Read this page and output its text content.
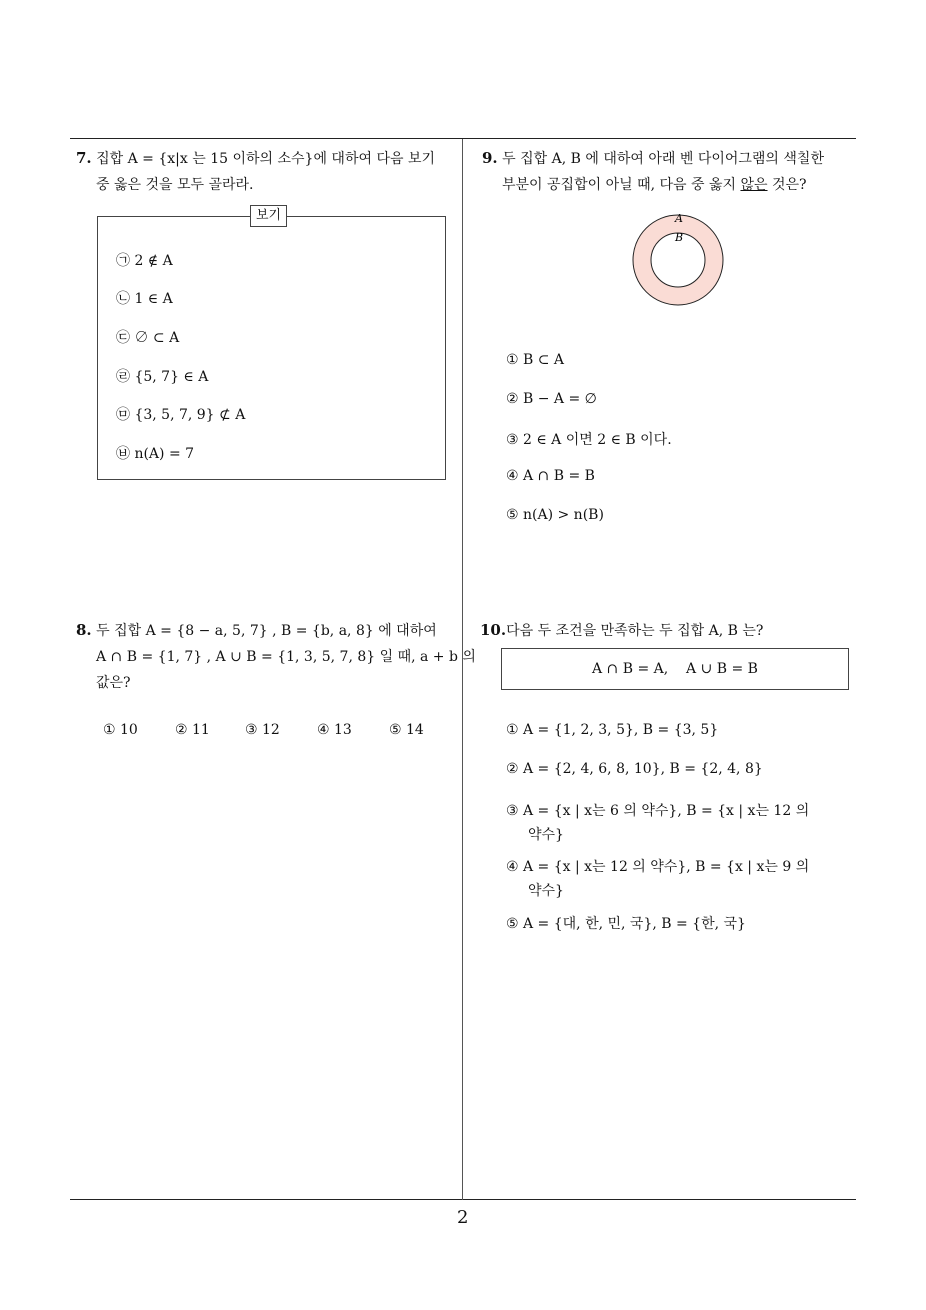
7. 집합 A = {x|x 는 15 이하의 소수}에 대하여 다음 보기
중 옳은 것을 모두 골라라.
보기
㉠ 2 ∉ A
㉡ 1 ∈ A
㉢ ∅ ⊂ A
㉣ {5, 7} ∈ A
㉤ {3, 5, 7, 9} ⊄ A
㉥ n(A) = 7
8. 두 집합 A = {8 − a, 5, 7} , B = {b, a, 8} 에 대하여
A ∩ B = {1, 7} , A ∪ B = {1, 3, 5, 7, 8} 일 때, a + b 의
값은?
① 10	② 11	③ 12	④ 13	⑤ 14
9. 두 집합 A, B 에 대하여 아래 벤 다이어그램의 색칠한
부분이 공집합이 아닐 때, 다음 중 옳지 않은 것은?
A
B
① B ⊂ A
② B − A = ∅
③ 2 ∈ A 이면 2 ∈ B 이다.
④ A ∩ B = B
⑤ n(A) > n(B)
10.다음 두 조건을 만족하는 두 집합 A, B 는?
A ∩ B = A,    A ∪ B = B
① A = {1, 2, 3, 5}, B = {3, 5}
② A = {2, 4, 6, 8, 10}, B = {2, 4, 8}
③ A = {x | x는 6 의 약수}, B = {x | x는 12 의
약수}
④ A = {x | x는 12 의 약수}, B = {x | x는 9 의
약수}
⑤ A = {대, 한, 민, 국}, B = {한, 국}
2
